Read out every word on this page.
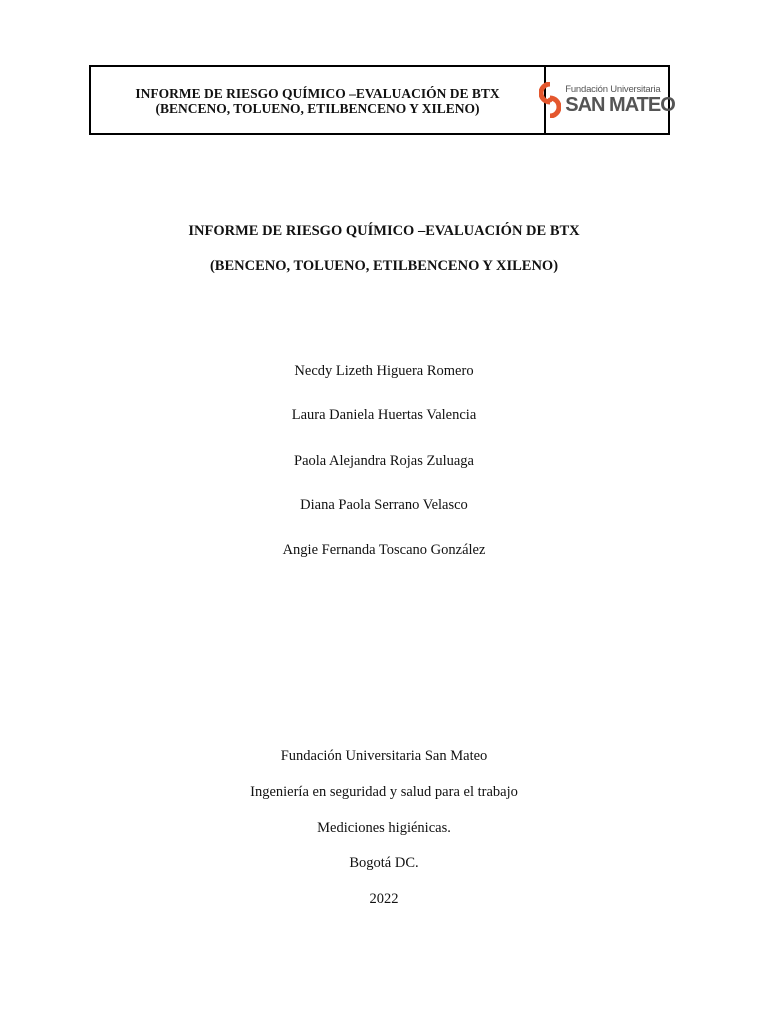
INFORME DE RIESGO QUÍMICO –EVALUACIÓN DE BTX
(BENCENO, TOLUENO, ETILBENCENO Y XILENO)
Fundación Universitaria
SAN MATEO
INFORME DE RIESGO QUÍMICO –EVALUACIÓN DE BTX
(BENCENO, TOLUENO, ETILBENCENO Y XILENO)
Necdy Lizeth Higuera Romero
Laura Daniela Huertas Valencia
Paola Alejandra Rojas Zuluaga
Diana Paola Serrano Velasco
Angie Fernanda Toscano González
Fundación Universitaria San Mateo
Ingeniería en seguridad y salud para el trabajo
Mediciones higiénicas.
Bogotá DC.
2022
